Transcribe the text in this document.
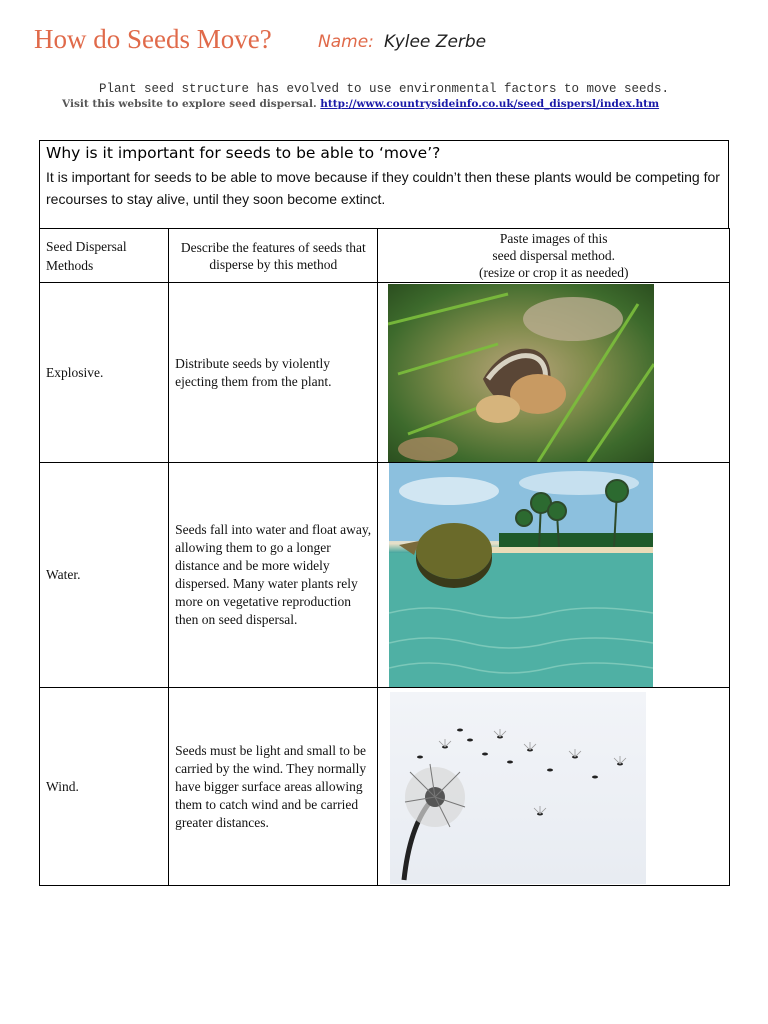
How do Seeds Move?	Name: Kylee Zerbe
Plant seed structure has evolved to use environmental factors to move seeds.
Visit this website to explore seed dispersal. http://www.countrysideinfo.co.uk/seed_dispersl/index.htm

Why is it important for seeds to be able to ‘move’?

It is important for seeds to be able to move because if they couldn’t then these plants would be competing for recourses to stay alive, until they soon become extinct.

Seed Dispersal Methods	Describe the features of seeds that disperse by this method	Paste images of this
seed dispersal method.
(resize or crop it as needed)
Explosive.	Distribute seeds by violently ejecting them from the plant.	

Water.	Seeds fall into water and float away, allowing them to go a longer distance and be more widely dispersed. Many water plants rely more on vegetative reproduction then on seed dispersal.	

Wind.	Seeds must be light and small to be carried by the wind. They normally have bigger surface areas allowing them to catch wind and be carried greater distances.	
